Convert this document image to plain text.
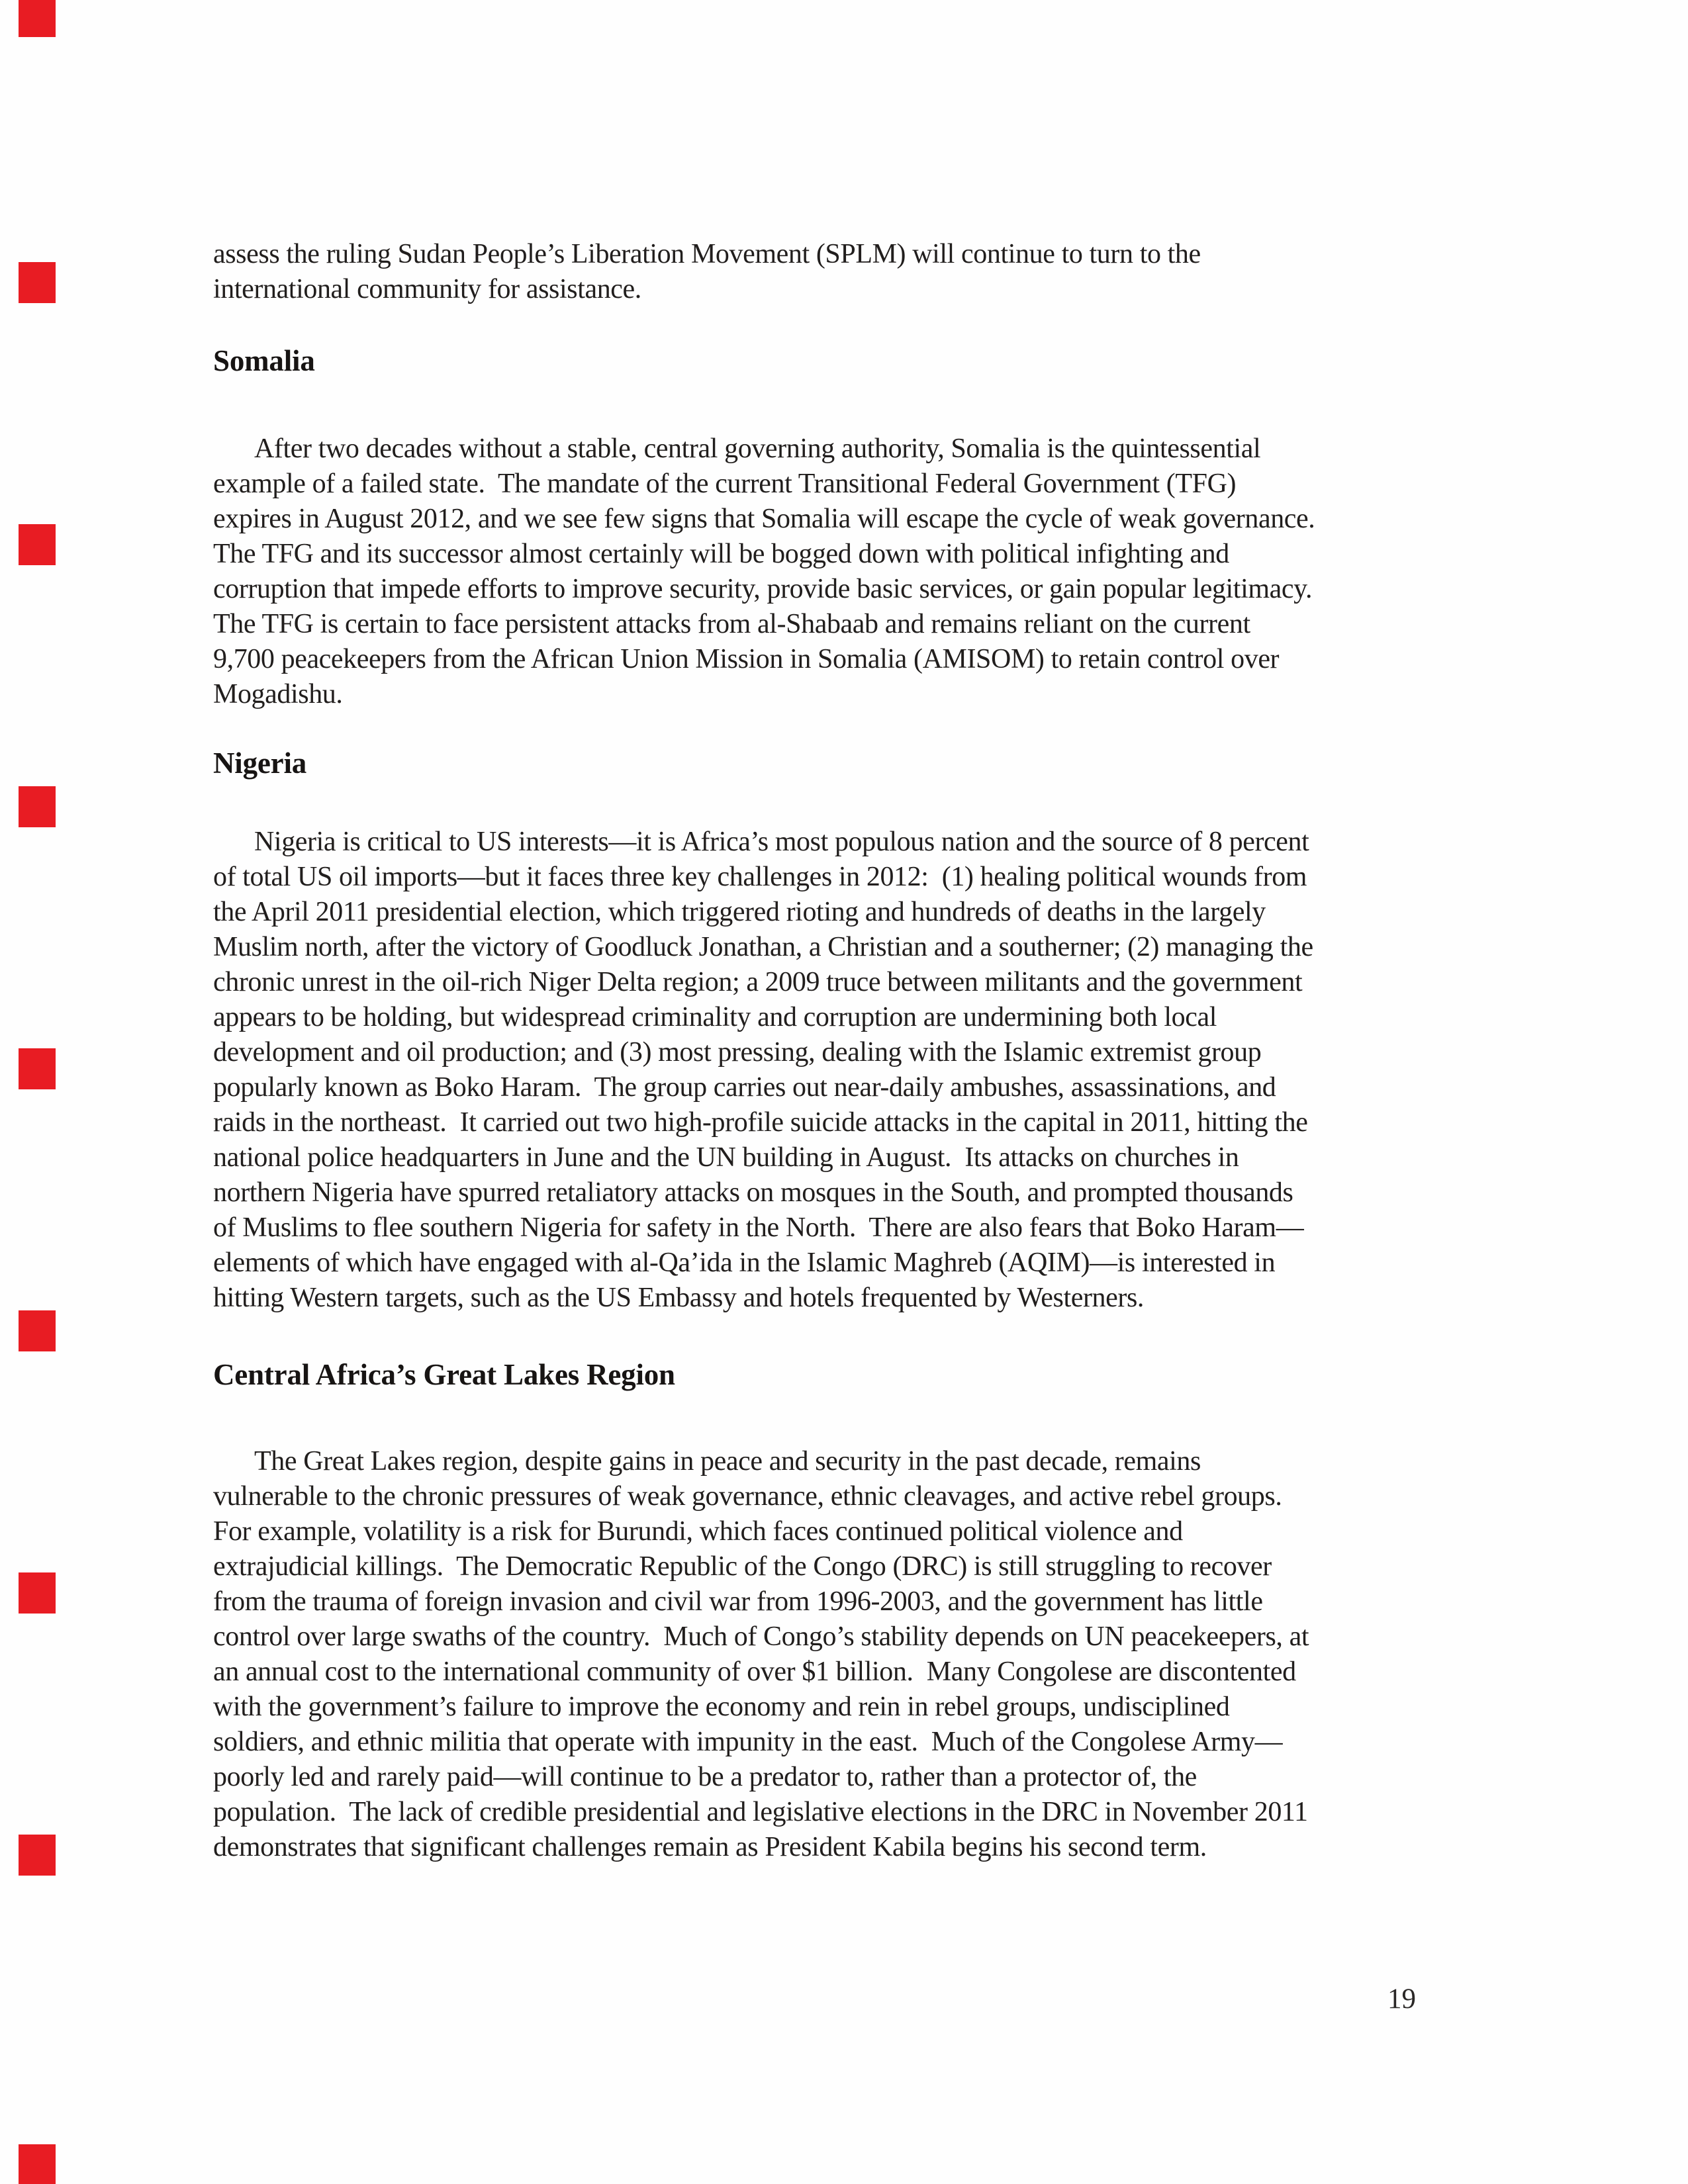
assess the ruling Sudan People’s Liberation Movement (SPLM) will continue to turn to the
international community for assistance.
Somalia
After two decades without a stable, central governing authority, Somalia is the quintessential
example of a failed state.  The mandate of the current Transitional Federal Government (TFG)
expires in August 2012, and we see few signs that Somalia will escape the cycle of weak governance.
The TFG and its successor almost certainly will be bogged down with political infighting and
corruption that impede efforts to improve security, provide basic services, or gain popular legitimacy.
The TFG is certain to face persistent attacks from al-Shabaab and remains reliant on the current
9,700 peacekeepers from the African Union Mission in Somalia (AMISOM) to retain control over
Mogadishu.
Nigeria
Nigeria is critical to US interests—it is Africa’s most populous nation and the source of 8 percent
of total US oil imports—but it faces three key challenges in 2012:  (1) healing political wounds from
the April 2011 presidential election, which triggered rioting and hundreds of deaths in the largely
Muslim north, after the victory of Goodluck Jonathan, a Christian and a southerner; (2) managing the
chronic unrest in the oil-rich Niger Delta region; a 2009 truce between militants and the government
appears to be holding, but widespread criminality and corruption are undermining both local
development and oil production; and (3) most pressing, dealing with the Islamic extremist group
popularly known as Boko Haram.  The group carries out near-daily ambushes, assassinations, and
raids in the northeast.  It carried out two high-profile suicide attacks in the capital in 2011, hitting the
national police headquarters in June and the UN building in August.  Its attacks on churches in
northern Nigeria have spurred retaliatory attacks on mosques in the South, and prompted thousands
of Muslims to flee southern Nigeria for safety in the North.  There are also fears that Boko Haram—
elements of which have engaged with al-Qa’ida in the Islamic Maghreb (AQIM)—is interested in
hitting Western targets, such as the US Embassy and hotels frequented by Westerners.
Central Africa’s Great Lakes Region
The Great Lakes region, despite gains in peace and security in the past decade, remains
vulnerable to the chronic pressures of weak governance, ethnic cleavages, and active rebel groups.
For example, volatility is a risk for Burundi, which faces continued political violence and
extrajudicial killings.  The Democratic Republic of the Congo (DRC) is still struggling to recover
from the trauma of foreign invasion and civil war from 1996-2003, and the government has little
control over large swaths of the country.  Much of Congo’s stability depends on UN peacekeepers, at
an annual cost to the international community of over $1 billion.  Many Congolese are discontented
with the government’s failure to improve the economy and rein in rebel groups, undisciplined
soldiers, and ethnic militia that operate with impunity in the east.  Much of the Congolese Army—
poorly led and rarely paid—will continue to be a predator to, rather than a protector of, the
population.  The lack of credible presidential and legislative elections in the DRC in November 2011
demonstrates that significant challenges remain as President Kabila begins his second term.
19
